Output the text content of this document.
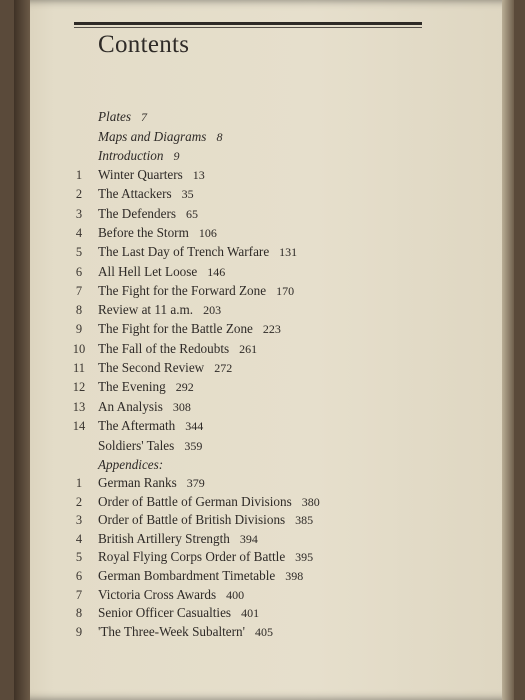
Contents
Plates 7
Maps and Diagrams 8
Introduction 9
1 Winter Quarters 13
2 The Attackers 35
3 The Defenders 65
4 Before the Storm 106
5 The Last Day of Trench Warfare 131
6 All Hell Let Loose 146
7 The Fight for the Forward Zone 170
8 Review at 11 a.m. 203
9 The Fight for the Battle Zone 223
10 The Fall of the Redoubts 261
11 The Second Review 272
12 The Evening 292
13 An Analysis 308
14 The Aftermath 344
Soldiers' Tales 359
Appendices:
1 German Ranks 379
2 Order of Battle of German Divisions 380
3 Order of Battle of British Divisions 385
4 British Artillery Strength 394
5 Royal Flying Corps Order of Battle 395
6 German Bombardment Timetable 398
7 Victoria Cross Awards 400
8 Senior Officer Casualties 401
9 'The Three-Week Subaltern' 405
